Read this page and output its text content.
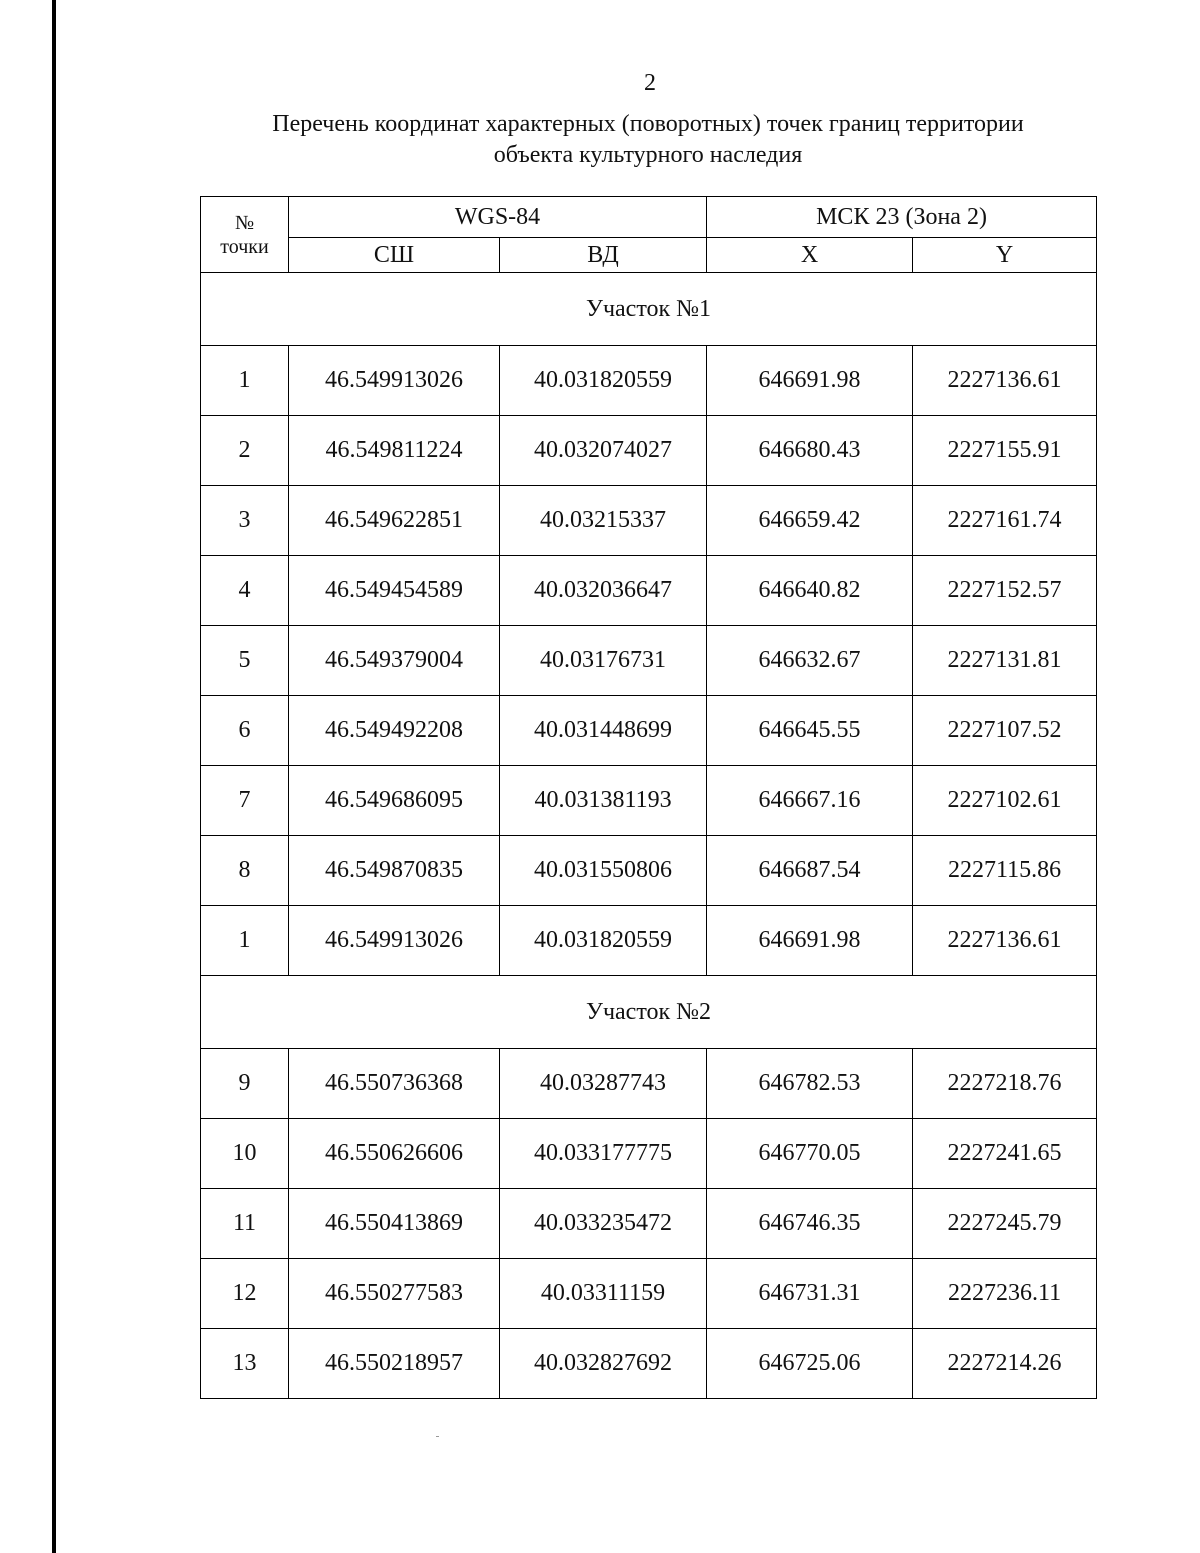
2
Перечень координат характерных (поворотных) точек границ территории
объекта культурного наследия
№
точки	WGS-84		МСК 23 (Зона 2)	
	СШ	ВД	X	Y
Участок №1				
1	46.549913026	40.031820559	646691.98	2227136.61
2	46.549811224	40.032074027	646680.43	2227155.91
3	46.549622851	40.03215337	646659.42	2227161.74
4	46.549454589	40.032036647	646640.82	2227152.57
5	46.549379004	40.03176731	646632.67	2227131.81
6	46.549492208	40.031448699	646645.55	2227107.52
7	46.549686095	40.031381193	646667.16	2227102.61
8	46.549870835	40.031550806	646687.54	2227115.86
1	46.549913026	40.031820559	646691.98	2227136.61
Участок №2				
9	46.550736368	40.03287743	646782.53	2227218.76
10	46.550626606	40.033177775	646770.05	2227241.65
11	46.550413869	40.033235472	646746.35	2227245.79
12	46.550277583	40.03311159	646731.31	2227236.11
13	46.550218957	40.032827692	646725.06	2227214.26
